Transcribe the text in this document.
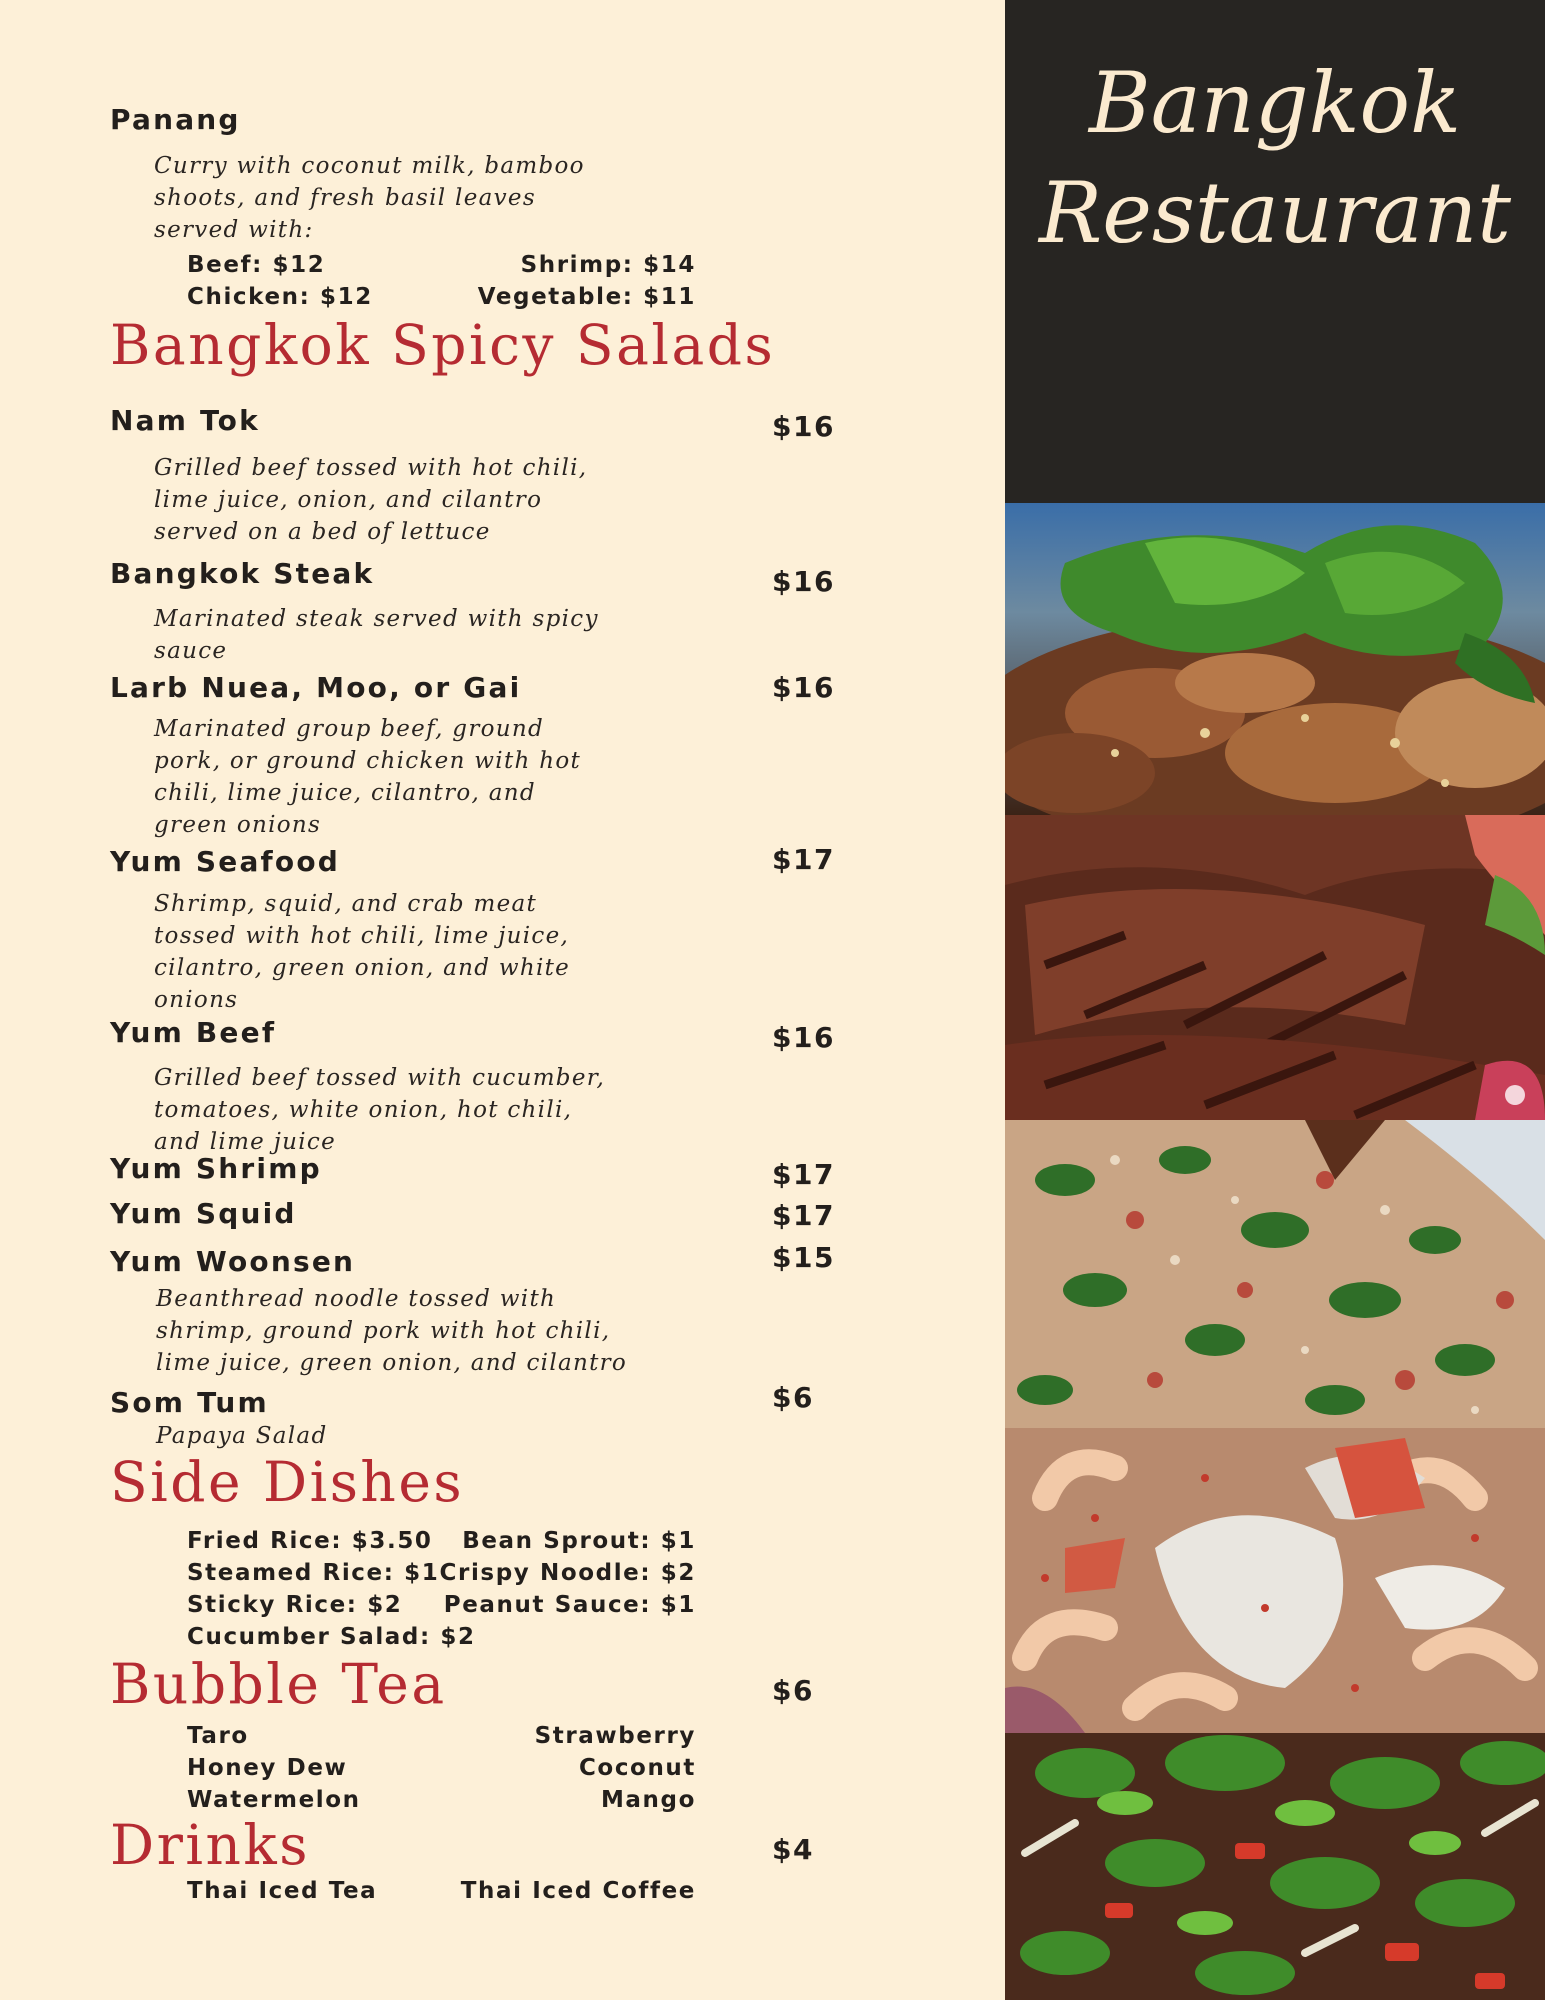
Panang
Curry with coconut milk, bamboo
shoots, and fresh basil leaves
served with:
Beef: $12	Shrimp: $14
Chicken: $12	Vegetable: $11
Bangkok Spicy Salads
Nam Tok	$16
Grilled beef tossed with hot chili,
lime juice, onion, and cilantro
served on a bed of lettuce
Bangkok Steak	$16
Marinated steak served with spicy
sauce
Larb Nuea, Moo, or Gai	$16
Marinated group beef, ground
pork, or ground chicken with hot
chili, lime juice, cilantro, and
green onions
Yum Seafood	$17
Shrimp, squid, and crab meat
tossed with hot chili, lime juice,
cilantro, green onion, and white
onions
Yum Beef	$16
Grilled beef tossed with cucumber,
tomatoes, white onion, hot chili,
and lime juice
Yum Shrimp	$17
Yum Squid	$17
Yum Woonsen	$15
Beanthread noodle tossed with
shrimp, ground pork with hot chili,
lime juice, green onion, and cilantro
Som Tum	$6
Papaya Salad
Side Dishes
Fried Rice: $3.50	Bean Sprout: $1
Steamed Rice: $1 Crispy Noodle: $2
Sticky Rice: $2	Peanut Sauce: $1
Cucumber Salad: $2
Bubble Tea	$6
Taro	Strawberry
Honey Dew	Coconut
Watermelon	Mango
Drinks	$4
Thai Iced Tea	Thai Iced Coffee
Bangkok
Restaurant
